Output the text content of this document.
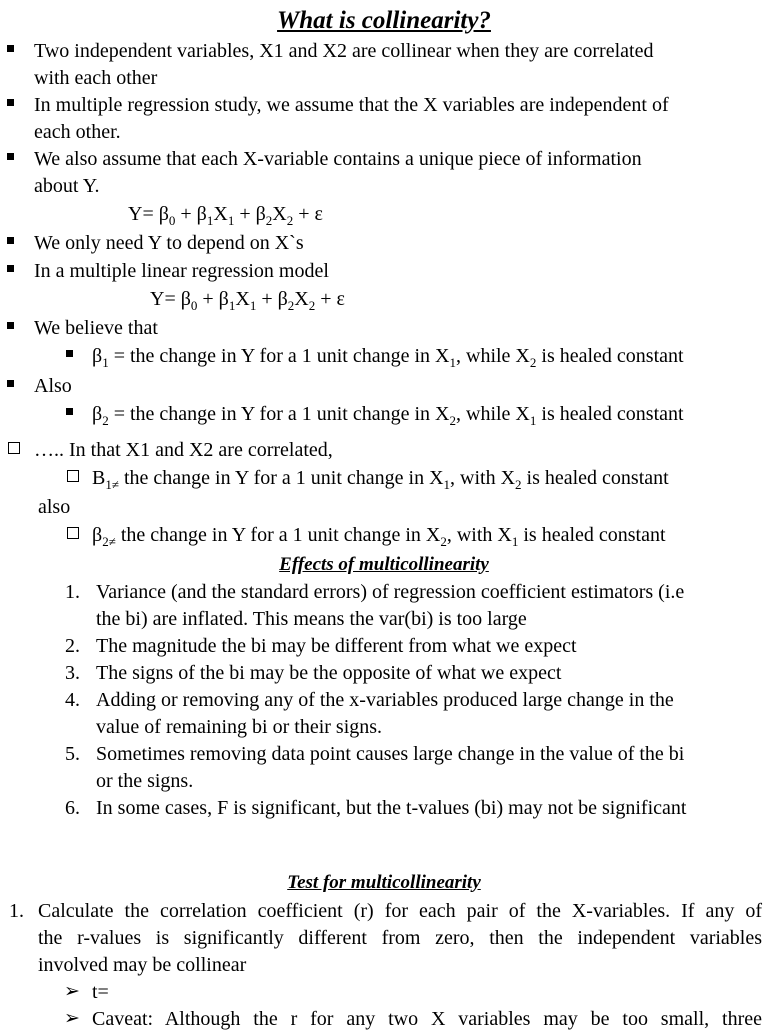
What is collinearity?
Two independent variables, X1 and X2 are collinear when they are correlated
with each other
In multiple regression study, we assume that the X variables are independent of
each other.
We also assume that each X-variable contains a unique piece of information
about Y.
$Y= \beta_0 + \beta_1X_1 + \beta_2X_2 + \varepsilon$
We only need Y to depend on X`s
In a multiple linear regression model
$Y= \beta_0 + \beta_1X_1 + \beta_2X_2 + \varepsilon$
We believe that
$\beta_1$ = the change in Y for a 1 unit change in $X_1$, while $X_2$ is healed constant
Also
$\beta_2$ = the change in Y for a 1 unit change in $X_2$, while $X_1$ is healed constant
….. In that X1 and X2 are correlated,
$B_{1\ne}$ the change in Y for a 1 unit change in $X_1$, with $X_2$ is healed constant
also
$\beta_{2\ne}$ the change in Y for a 1 unit change in $X_2$, with $X_1$ is healed constant
Effects of multicollinearity
1. Variance (and the standard errors) of regression coefficient estimators (i.e
the bi) are inflated. This means the var(bi) is too large
2. The magnitude the bi may be different from what we expect
3. The signs of the bi may be the opposite of what we expect
4. Adding or removing any of the x-variables produced large change in the
value of remaining bi or their signs.
5. Sometimes removing data point causes large change in the value of the bi
or the signs.
6. In some cases, F is significant, but the t-values (bi) may not be significant
Test for multicollinearity
1. Calculate the correlation coefficient (r) for each pair of the X-variables. If any of
the r-values is significantly different from zero, then the independent variables
involved may be collinear
➢ t=
➢ Caveat: Although the r for any two X variables may be too small, three
